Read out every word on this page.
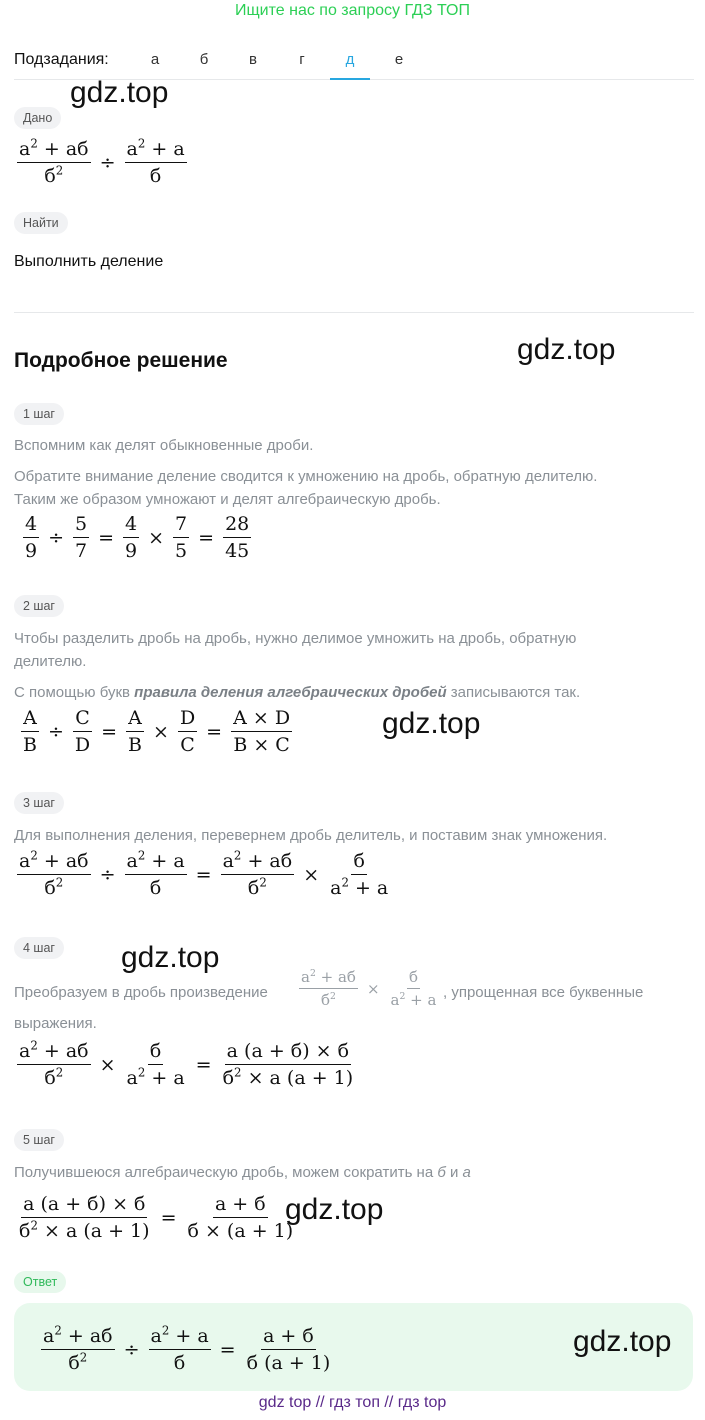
Ищите нас по запросу ГДЗ ТОП
Подзадания:	а	б	в	г	д	е
gdz.top
Дано
$\frac{a^2 + aб}{б^2} \div \frac{a^2 + a}{б}$
Найти
Выполнить деление
Подробное решение	gdz.top
1 шаг
Вспомним как делят обыкновенные дроби.
Обратите внимание деление сводится к умножению на дробь, обратную делителю.
Таким же образом умножают и делят алгебраическую дробь.
$\frac{4}{9} \div \frac{5}{7} = \frac{4}{9} \times \frac{7}{5} = \frac{28}{45}$
2 шаг
Чтобы разделить дробь на дробь, нужно делимое умножить на дробь, обратную
делителю.
С помощью букв правила деления алгебраических дробей записываются так.
$\frac{A}{B} \div \frac{C}{D} = \frac{A}{B} \times \frac{D}{C} = \frac{A \times D}{B \times C}$	gdz.top
3 шаг
Для выполнения деления, перевернем дробь делитель, и поставим знак умножения.
$\frac{a^2 + aб}{б^2} \div \frac{a^2 + a}{б} = \frac{a^2 + aб}{б^2} \times \frac{б}{a^2 + a}$
4 шаг	gdz.top
Преобразуем в дробь произведение $\frac{a^2 + aб}{б^2} \times \frac{б}{a^2 + a}$ , упрощенная все буквенные
выражения.
$\frac{a^2 + aб}{б^2} \times \frac{б}{a^2 + a} = \frac{a (a + б) \times б}{б^2 \times a (a + 1)}$
5 шаг
Получившеюся алгебраическую дробь, можем сократить на б и a
$\frac{a (a + б) \times б}{б^2 \times a (a + 1)} = \frac{a + б}{б \times (a + 1)}$
gdz.top
Ответ
$\frac{a^2 + aб}{б^2} \div \frac{a^2 + a}{б} = \frac{a + б}{б (a + 1)}$	gdz.top
gdz top // гдз топ // гдз top
